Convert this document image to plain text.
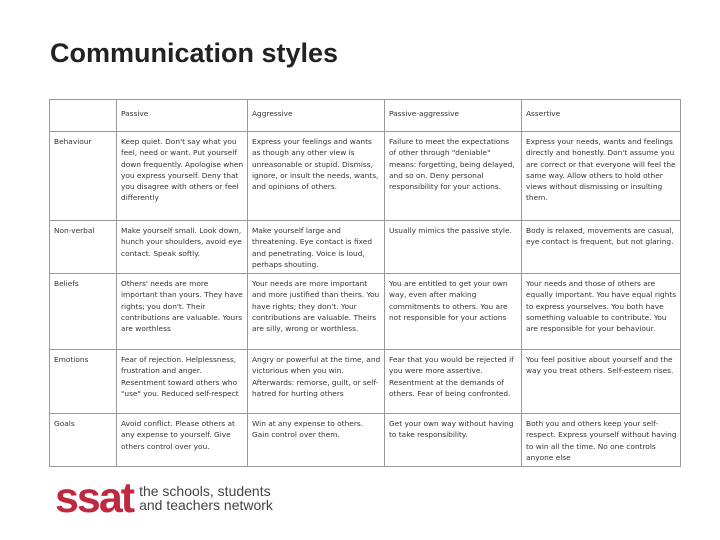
Communication styles
	Passive	Aggressive	Passive-aggressive	Assertive
Behaviour	Keep quiet. Don't say what you feel, need or want. Put yourself down frequently. Apologise when you express yourself. Deny that you disagree with others or feel differently	Express your feelings and wants as though any other view is unreasonable or stupid. Dismiss, ignore, or insult the needs, wants, and opinions of others.	Failure to meet the expectations of other through "deniable" means: forgetting, being delayed, and so on. Deny personal responsibility for your actions.	Express your needs, wants and feelings directly and honestly. Don't assume you are correct or that everyone will feel the same way. Allow others to hold other views without dismissing or insulting them.
Non-verbal	Make yourself small. Look down, hunch your shoulders, avoid eye contact. Speak softly.	Make yourself large and threatening. Eye contact is fixed and penetrating. Voice is loud, perhaps shouting.	Usually mimics the passive style.	Body is relaxed, movements are casual, eye contact is frequent, but not glaring.
Beliefs	Others' needs are more important than yours. They have rights; you don't. Their contributions are valuable. Yours are worthless	Your needs are more important and more justified than theirs. You have rights; they don't. Your contributions are valuable. Theirs are silly, wrong or worthless.	You are entitled to get your own way, even after making commitments to others. You are not responsible for your actions	Your needs and those of others are equally important. You have equal rights to express yourselves. You both have something valuable to contribute. You are responsible for your behaviour.
Emotions	Fear of rejection. Helplessness, frustration and anger. Resentment toward others who "use" you. Reduced self-respect	Angry or powerful at the time, and victorious when you win. Afterwards: remorse, guilt, or self-hatred for hurting others	Fear that you would be rejected if you were more assertive. Resentment at the demands of others. Fear of being confronted.	You feel positive about yourself and the way you treat others. Self-esteem rises.
Goals	Avoid conflict. Please others at any expense to yourself. Give others control over you.	Win at any expense to others. Gain control over them.	Get your own way without having to take responsibility.	Both you and others keep your self-respect. Express yourself without having to win all the time. No one controls anyone else
ssat the schools, students
and teachers network
